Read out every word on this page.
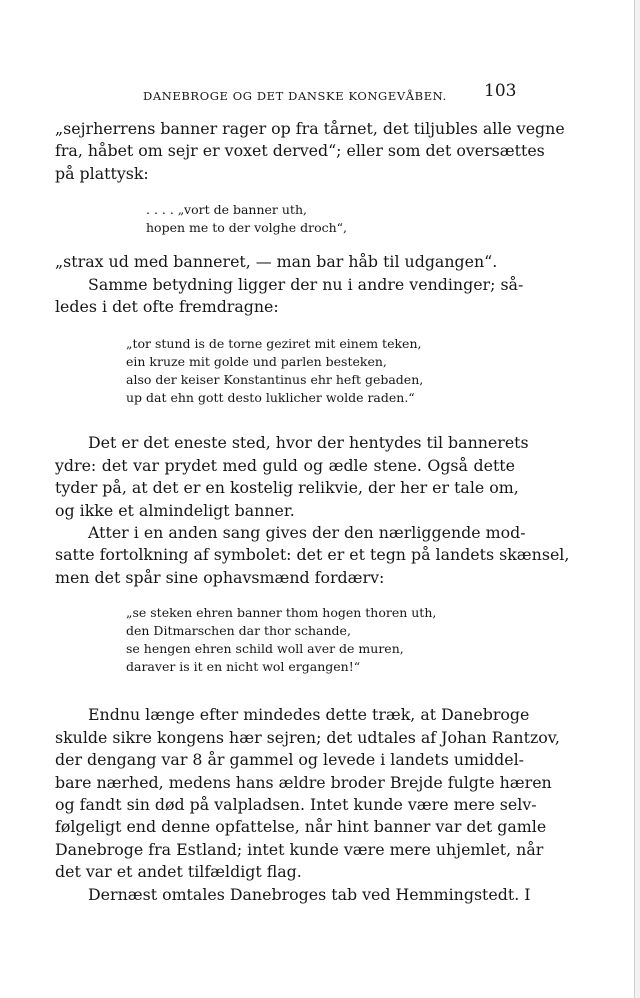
DANEBROGE OG DET DANSKE KONGEVÅBEN. 103
„sejrherrens banner rager op fra tårnet, det tiljubles alle vegne
fra, håbet om sejr er voxet derved“; eller som det oversættes
på plattysk:
. . . . „vort de banner uth,
hopen me to der volghe droch“,
„strax ud med banneret, — man bar håb til udgangen“.
Samme betydning ligger der nu i andre vendinger; så-
ledes i det ofte fremdragne:
„tor stund is de torne geziret mit einem teken,
ein kruze mit golde und parlen besteken,
also der keiser Konstantinus ehr heft gebaden,
up dat ehn gott desto luklicher wolde raden.“
Det er det eneste sted, hvor der hentydes til bannerets
ydre: det var prydet med guld og ædle stene. Også dette
tyder på, at det er en kostelig relikvie, der her er tale om,
og ikke et almindeligt banner.
Atter i en anden sang gives der den nærliggende mod-
satte fortolkning af symbolet: det er et tegn på landets skænsel,
men det spår sine ophavsmænd fordærv:
„se steken ehren banner thom hogen thoren uth,
den Ditmarschen dar thor schande,
se hengen ehren schild woll aver de muren,
daraver is it en nicht wol ergangen!“
Endnu længe efter mindedes dette træk, at Danebroge
skulde sikre kongens hær sejren; det udtales af Johan Rantzov,
der dengang var 8 år gammel og levede i landets umiddel-
bare nærhed, medens hans ældre broder Brejde fulgte hæren
og fandt sin død på valpladsen. Intet kunde være mere selv-
følgeligt end denne opfattelse, når hint banner var det gamle
Danebroge fra Estland; intet kunde være mere uhjemlet, når
det var et andet tilfældigt flag.
Dernæst omtales Danebroges tab ved Hemmingstedt. I
